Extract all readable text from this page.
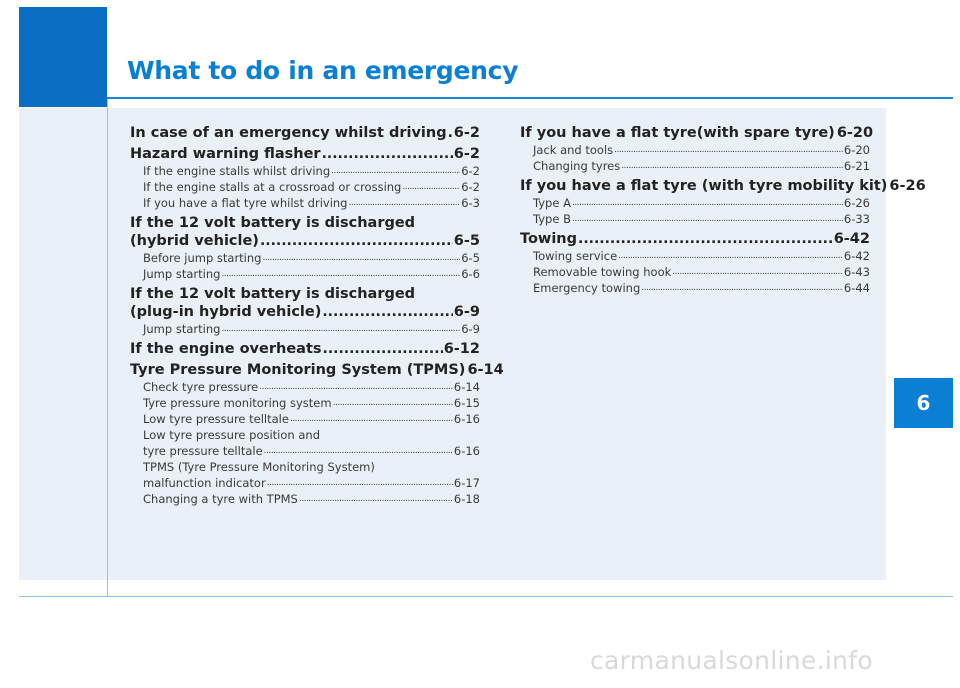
What to do in an emergency
6
In case of an emergency whilst driving ..... 6-2
Hazard warning flasher .....	6-2
If the engine stalls whilst driving .....	6-2
If the engine stalls at a crossroad or crossing .....	6-2
If you have a flat tyre whilst driving .....	6-3
If the 12 volt battery is discharged
(hybrid vehicle) .....	6-5
Before jump starting .....	6-5
Jump starting .....	6-6
If the 12 volt battery is discharged
(plug-in hybrid vehicle) .....	6-9
Jump starting .....	6-9
If the engine overheats .....	6-12
Tyre Pressure Monitoring System (TPMS) 6-14
Check tyre pressure .....	6-14
Tyre pressure monitoring system .....	6-15
Low tyre pressure telltale .....	6-16
Low tyre pressure position and
tyre pressure telltale .....	6-16
TPMS (Tyre Pressure Monitoring System)
malfunction indicator .....	6-17
Changing a tyre with TPMS .....	6-18
If you have a flat tyre(with spare tyre) 6-20
Jack and tools .....	6-20
Changing tyres .....	6-21
If you have a flat tyre (with tyre mobility kit) 6-26
Type A .....	6-26
Type B .....	6-33
Towing .....	6-42
Towing service .....	6-42
Removable towing hook .....	6-43
Emergency towing .....	6-44
carmanualsonline.info
